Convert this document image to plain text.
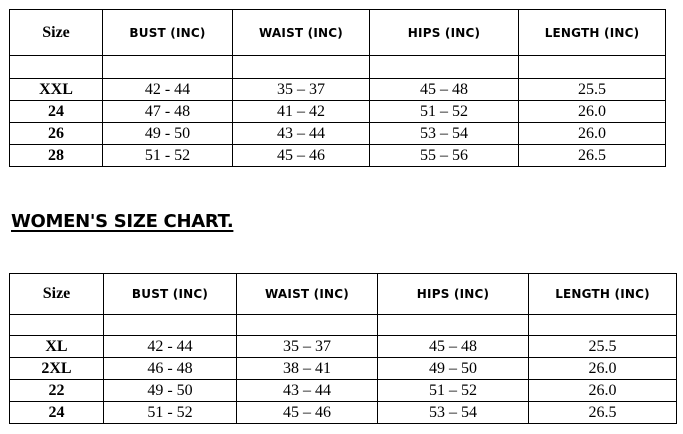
Size	BUST (INC)	WAIST (INC)	HIPS (INC)	LENGTH (INC)

XXL	42 - 44	35 – 37	45 – 48	25.5
24	47 - 48	41 – 42	51 – 52	26.0
26	49 - 50	43 – 44	53 – 54	26.0
28	51 - 52	45 – 46	55 – 56	26.5
WOMEN'S SIZE CHART.
Size	BUST (INC)	WAIST (INC)	HIPS (INC)	LENGTH (INC)

XL	42 - 44	35 – 37	45 – 48	25.5
2XL	46 - 48	38 – 41	49 – 50	26.0
22	49 - 50	43 – 44	51 – 52	26.0
24	51 - 52	45 – 46	53 – 54	26.5
